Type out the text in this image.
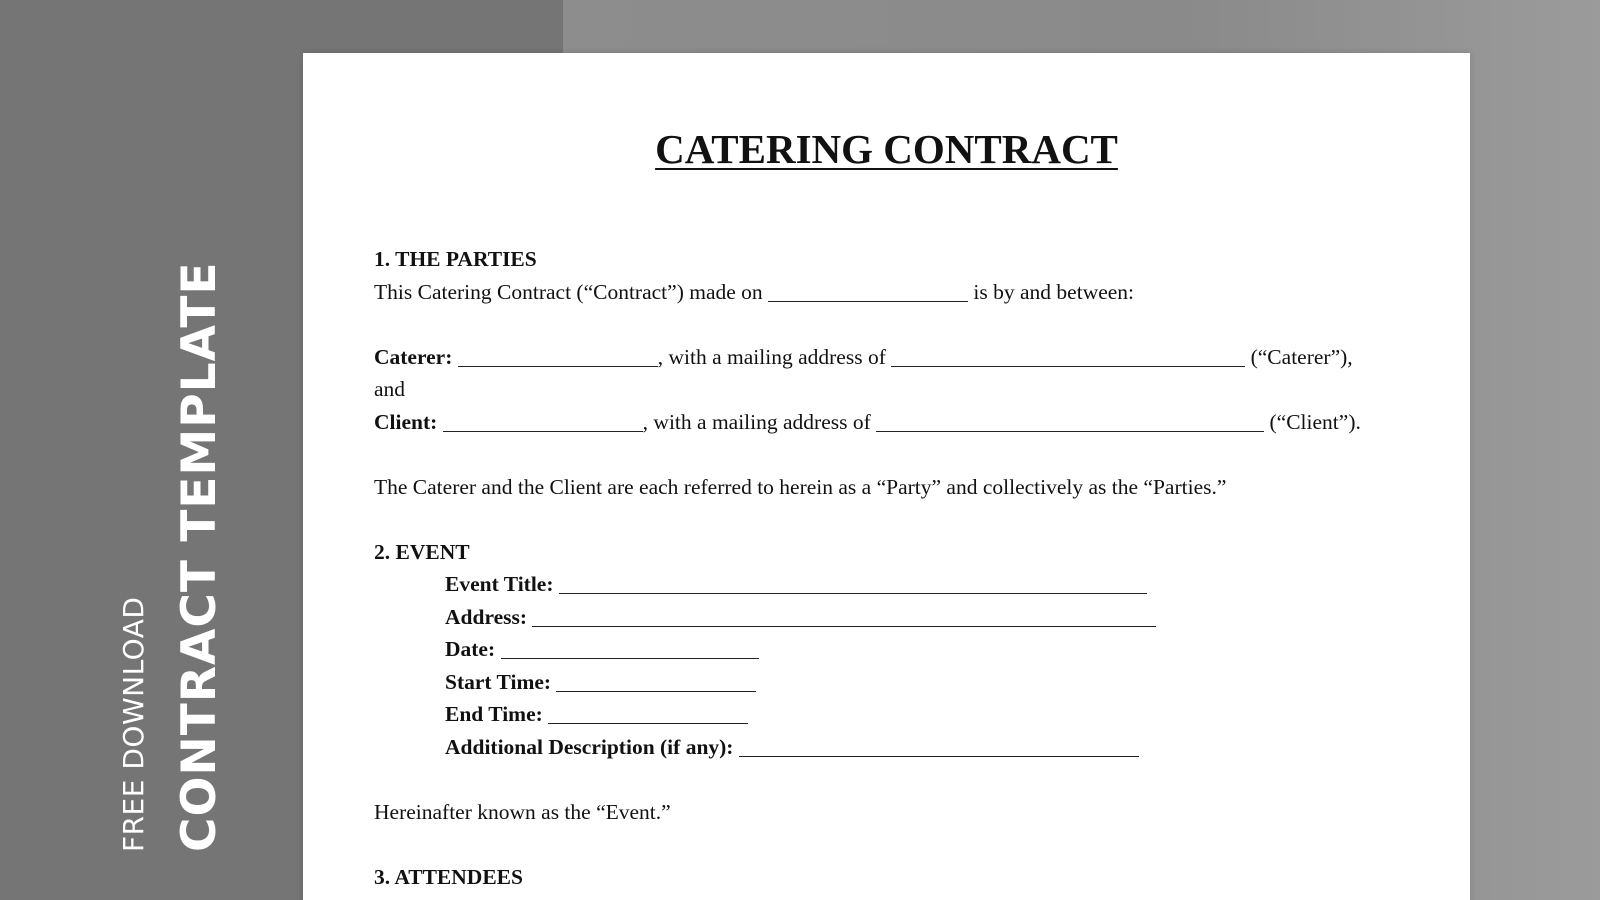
FREE DOWNLOAD CONTRACT TEMPLATE
CATERING CONTRACT
1. THE PARTIES
This Catering Contract (“Contract”) made on	is by and between:
Caterer:	, with a mailing address of	(“Caterer”),
and
Client:	, with a mailing address of	(“Client”).
The Caterer and the Client are each referred to herein as a “Party” and collectively as the “Parties.”
2. EVENT
Event Title:
Address:
Date:
Start Time:
End Time:
Additional Description (if any):
Hereinafter known as the “Event.”
3. ATTENDEES
